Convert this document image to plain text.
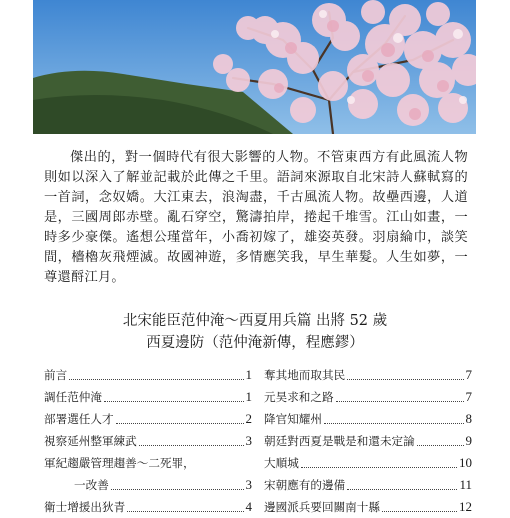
傑出的，對一個時代有很大影響的人物。不管東西方有此風流人物則如以深入了解並記載於此傳之千里。語詞來源取自北宋詩人蘇軾寫的一首詞，念奴嬌。大江東去，浪淘盡，千古風流人物。故壘西邊，人道是，三國周郎赤壁。亂石穿空，驚濤拍岸，捲起千堆雪。江山如畫，一時多少豪傑。遙想公瑾當年，小喬初嫁了，雄姿英發。羽扇綸巾，談笑間，檣櫓灰飛煙滅。故國神遊，多情應笑我，早生華髮。人生如夢，一尊還酹江月。

北宋能臣范仲淹～西夏用兵篇 出將 52 歲
西夏邊防（范仲淹新傳，程應鏐）
前言	1
調任范仲淹	1
部署選任人才	2
視察延州整軍練武	3
軍紀趨嚴管理趨善～二死罪，
一改善	3
衛士增援出狄青	4
奪其地而取其民	7
元昊求和之路	7
降官知耀州	8
朝廷對西夏是戰是和還未定論	9
大順城	10
宋朝應有的邊備	11
邊國派兵要回關南十縣	12
